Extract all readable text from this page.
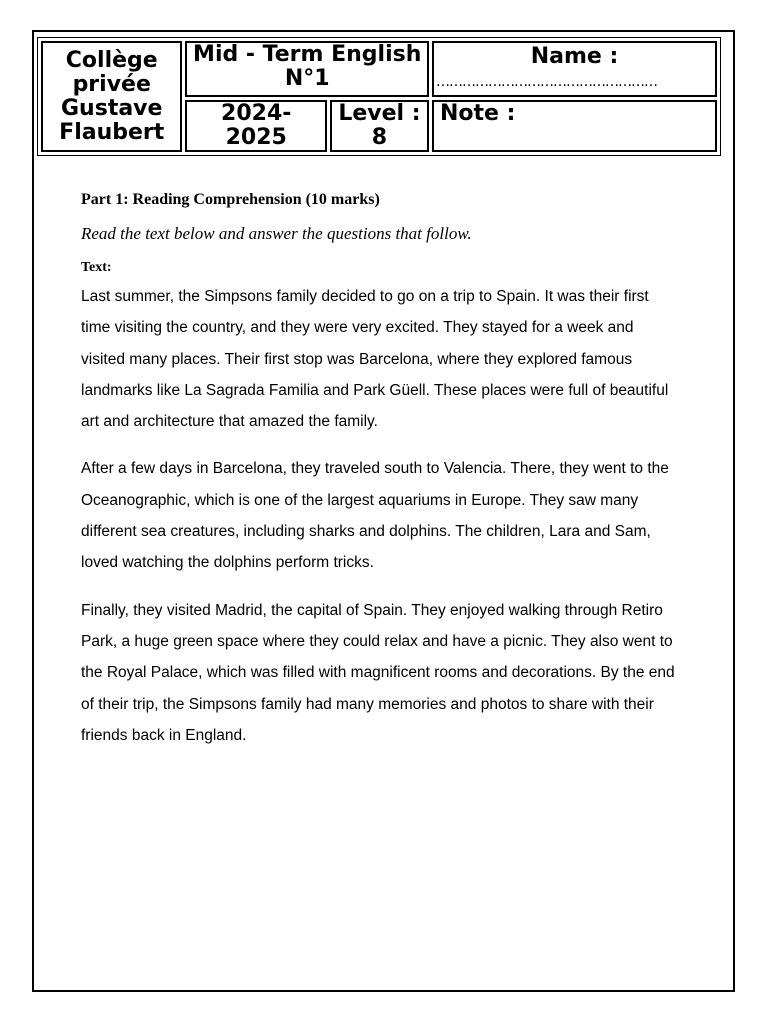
Collège privée Gustave Flaubert	Mid - Term English N°1		Name :
……………………………………………

	2024- 2025	Level : 8	Note :

Part 1: Reading Comprehension (10 marks)

Read the text below and answer the questions that follow.

Text:

Last summer, the Simpsons family decided to go on a trip to Spain. It was their first time visiting the country, and they were very excited. They stayed for a week and visited many places. Their first stop was Barcelona, where they explored famous landmarks like La Sagrada Familia and Park Güell. These places were full of beautiful art and architecture that amazed the family.

After a few days in Barcelona, they traveled south to Valencia. There, they went to the Oceanographic, which is one of the largest aquariums in Europe. They saw many different sea creatures, including sharks and dolphins. The children, Lara and Sam, loved watching the dolphins perform tricks.

Finally, they visited Madrid, the capital of Spain. They enjoyed walking through Retiro Park, a huge green space where they could relax and have a picnic. They also went to the Royal Palace, which was filled with magnificent rooms and decorations. By the end of their trip, the Simpsons family had many memories and photos to share with their friends back in England.
